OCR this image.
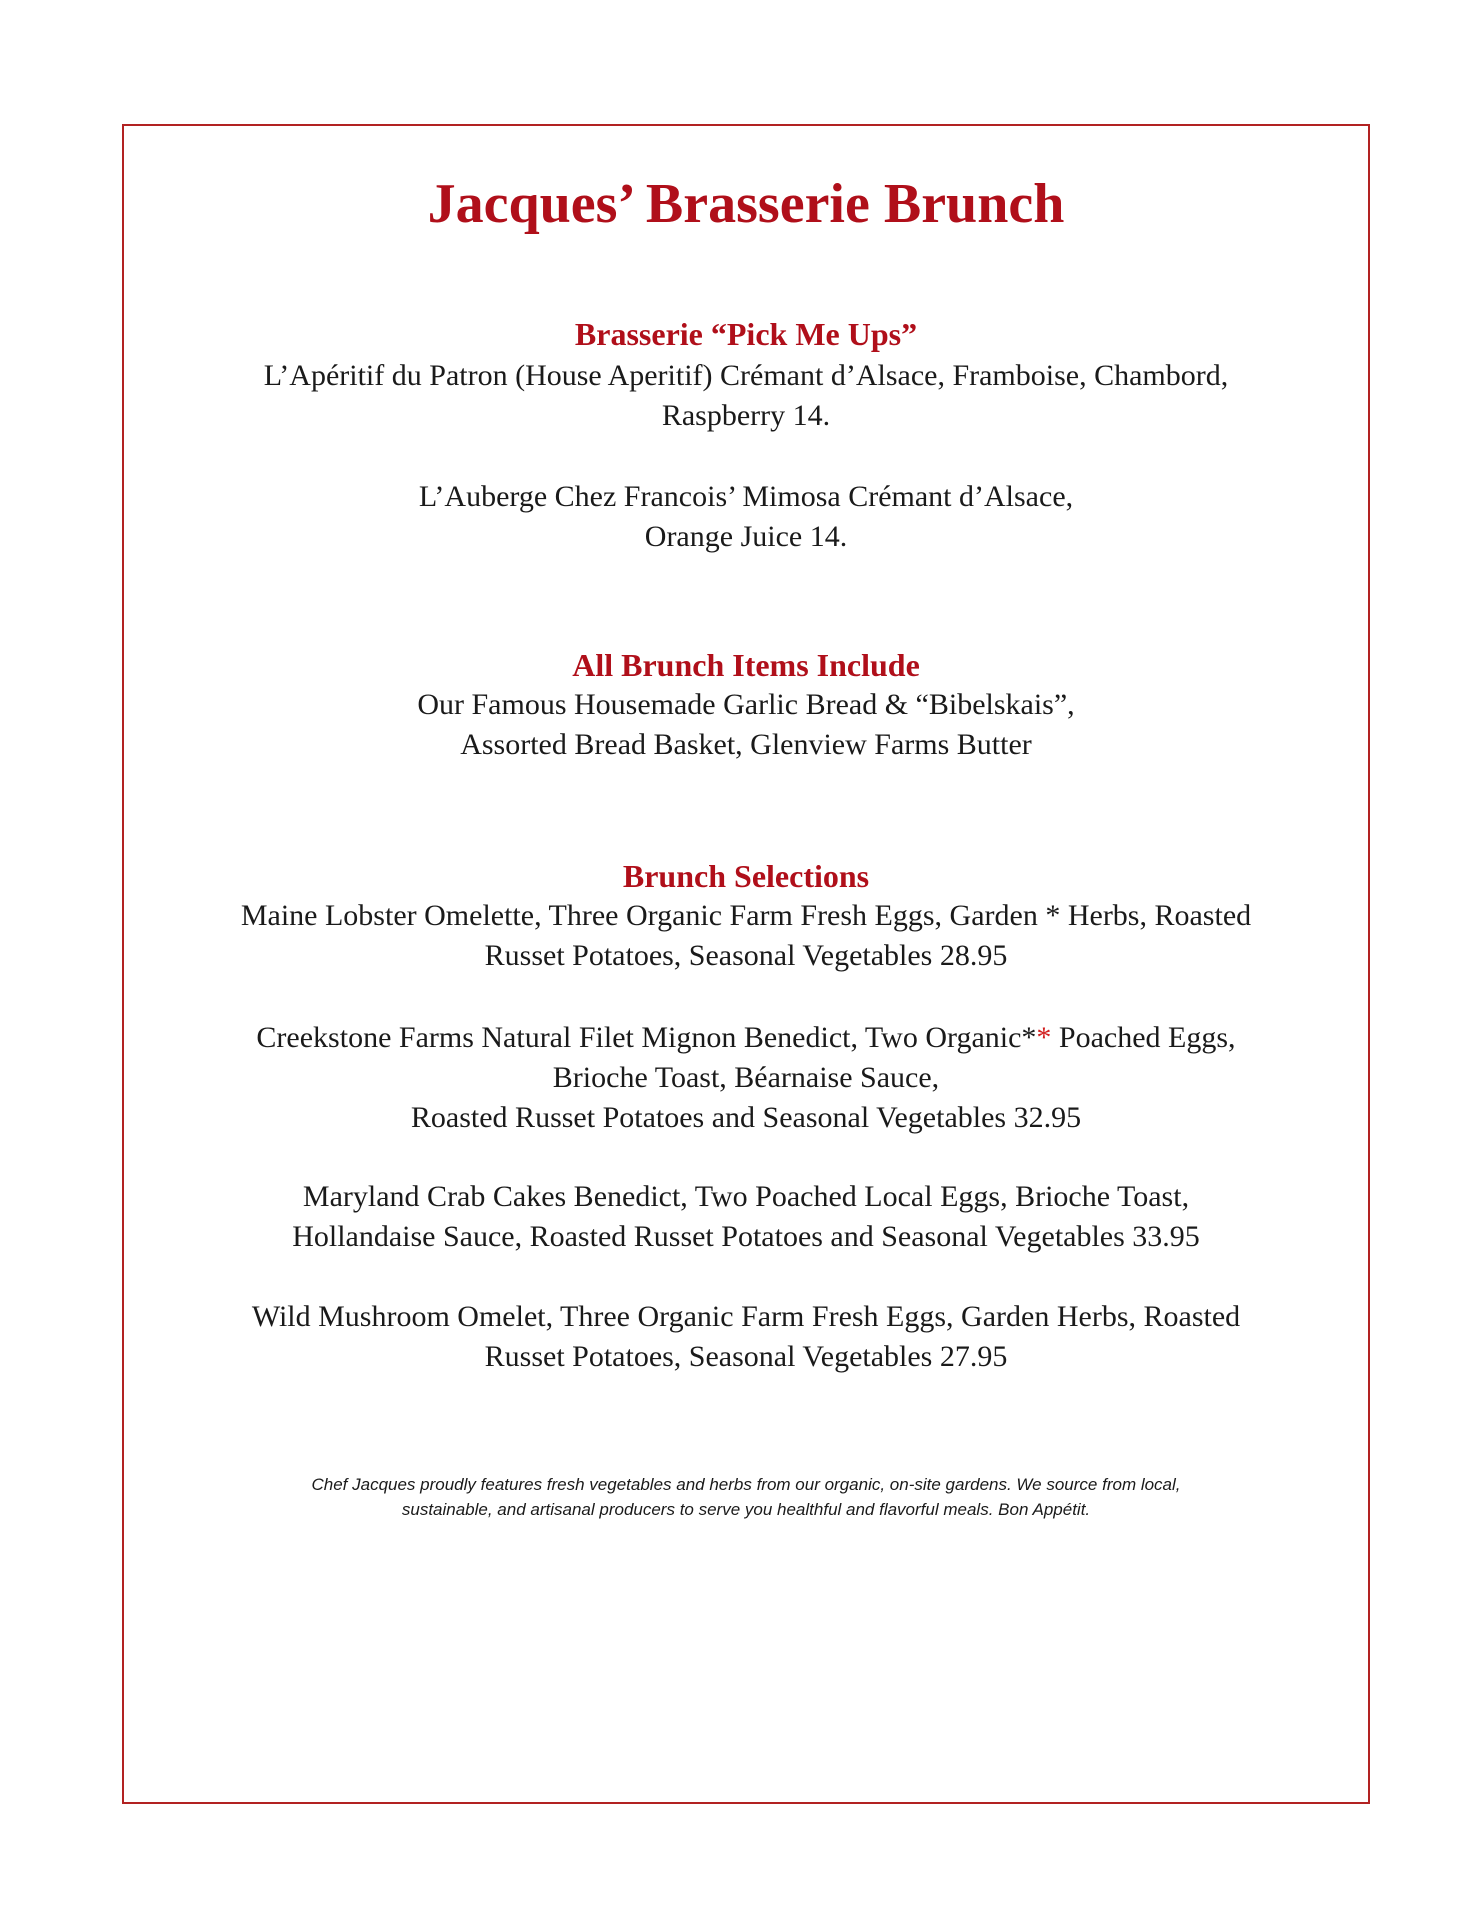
Jacques’ Brasserie Brunch
Brasserie “Pick Me Ups”

L’Apéritif du Patron (House Aperitif) Crémant d’Alsace, Framboise, Chambord,
Raspberry 14.

L’Auberge Chez Francois’ Mimosa Crémant d’Alsace,
Orange Juice 14.

All Brunch Items Include

Our Famous Housemade Garlic Bread & “Bibelskais”,
Assorted Bread Basket, Glenview Farms Butter

Brunch Selections

Maine Lobster Omelette, Three Organic Farm Fresh Eggs, Garden * Herbs, Roasted
Russet Potatoes, Seasonal Vegetables 28.95

Creekstone Farms Natural Filet Mignon Benedict, Two Organic** Poached Eggs,
Brioche Toast, Béarnaise Sauce,
Roasted Russet Potatoes and Seasonal Vegetables 32.95

Maryland Crab Cakes Benedict, Two Poached Local Eggs, Brioche Toast,
Hollandaise Sauce, Roasted Russet Potatoes and Seasonal Vegetables 33.95

Wild Mushroom Omelet, Three Organic Farm Fresh Eggs, Garden Herbs, Roasted
Russet Potatoes, Seasonal Vegetables 27.95

Chef Jacques proudly features fresh vegetables and herbs from our organic, on-site gardens. We source from local,
sustainable, and artisanal producers to serve you healthful and flavorful meals. Bon Appétit.
